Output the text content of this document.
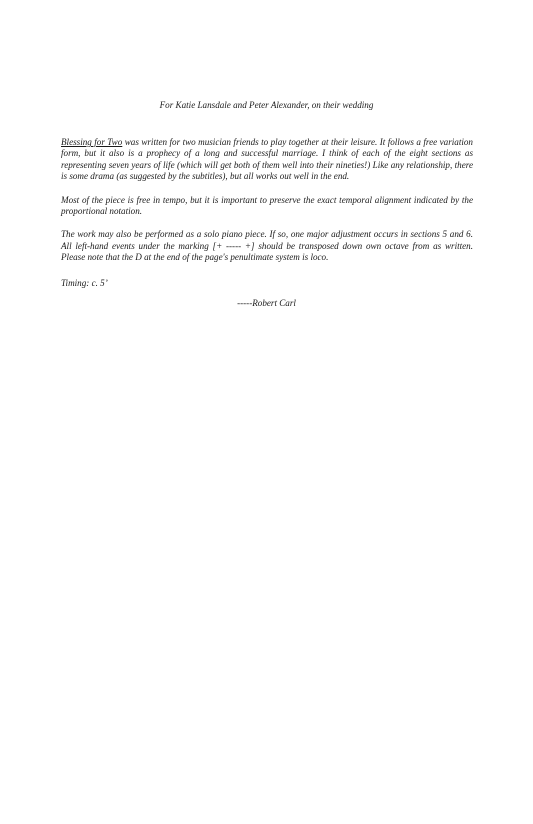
For Katie Lansdale and Peter Alexander, on their wedding

Blessing for Two was written for two musician friends to play together at their leisure. It follows a free variation form, but it also is a prophecy of a long and successful marriage. I think of each of the eight sections as representing seven years of life (which will get both of them well into their nineties!) Like any relationship, there is some drama (as suggested by the subtitles), but all works out well in the end.

Most of the piece is free in tempo, but it is important to preserve the exact temporal alignment indicated by the proportional notation.

The work may also be performed as a solo piano piece. If so, one major adjustment occurs in sections 5 and 6. All left-hand events under the marking [+ ----- +] should be transposed down own octave from as written. Please note that the D at the end of the page's penultimate system is loco.

Timing: c. 5’
-----Robert Carl
